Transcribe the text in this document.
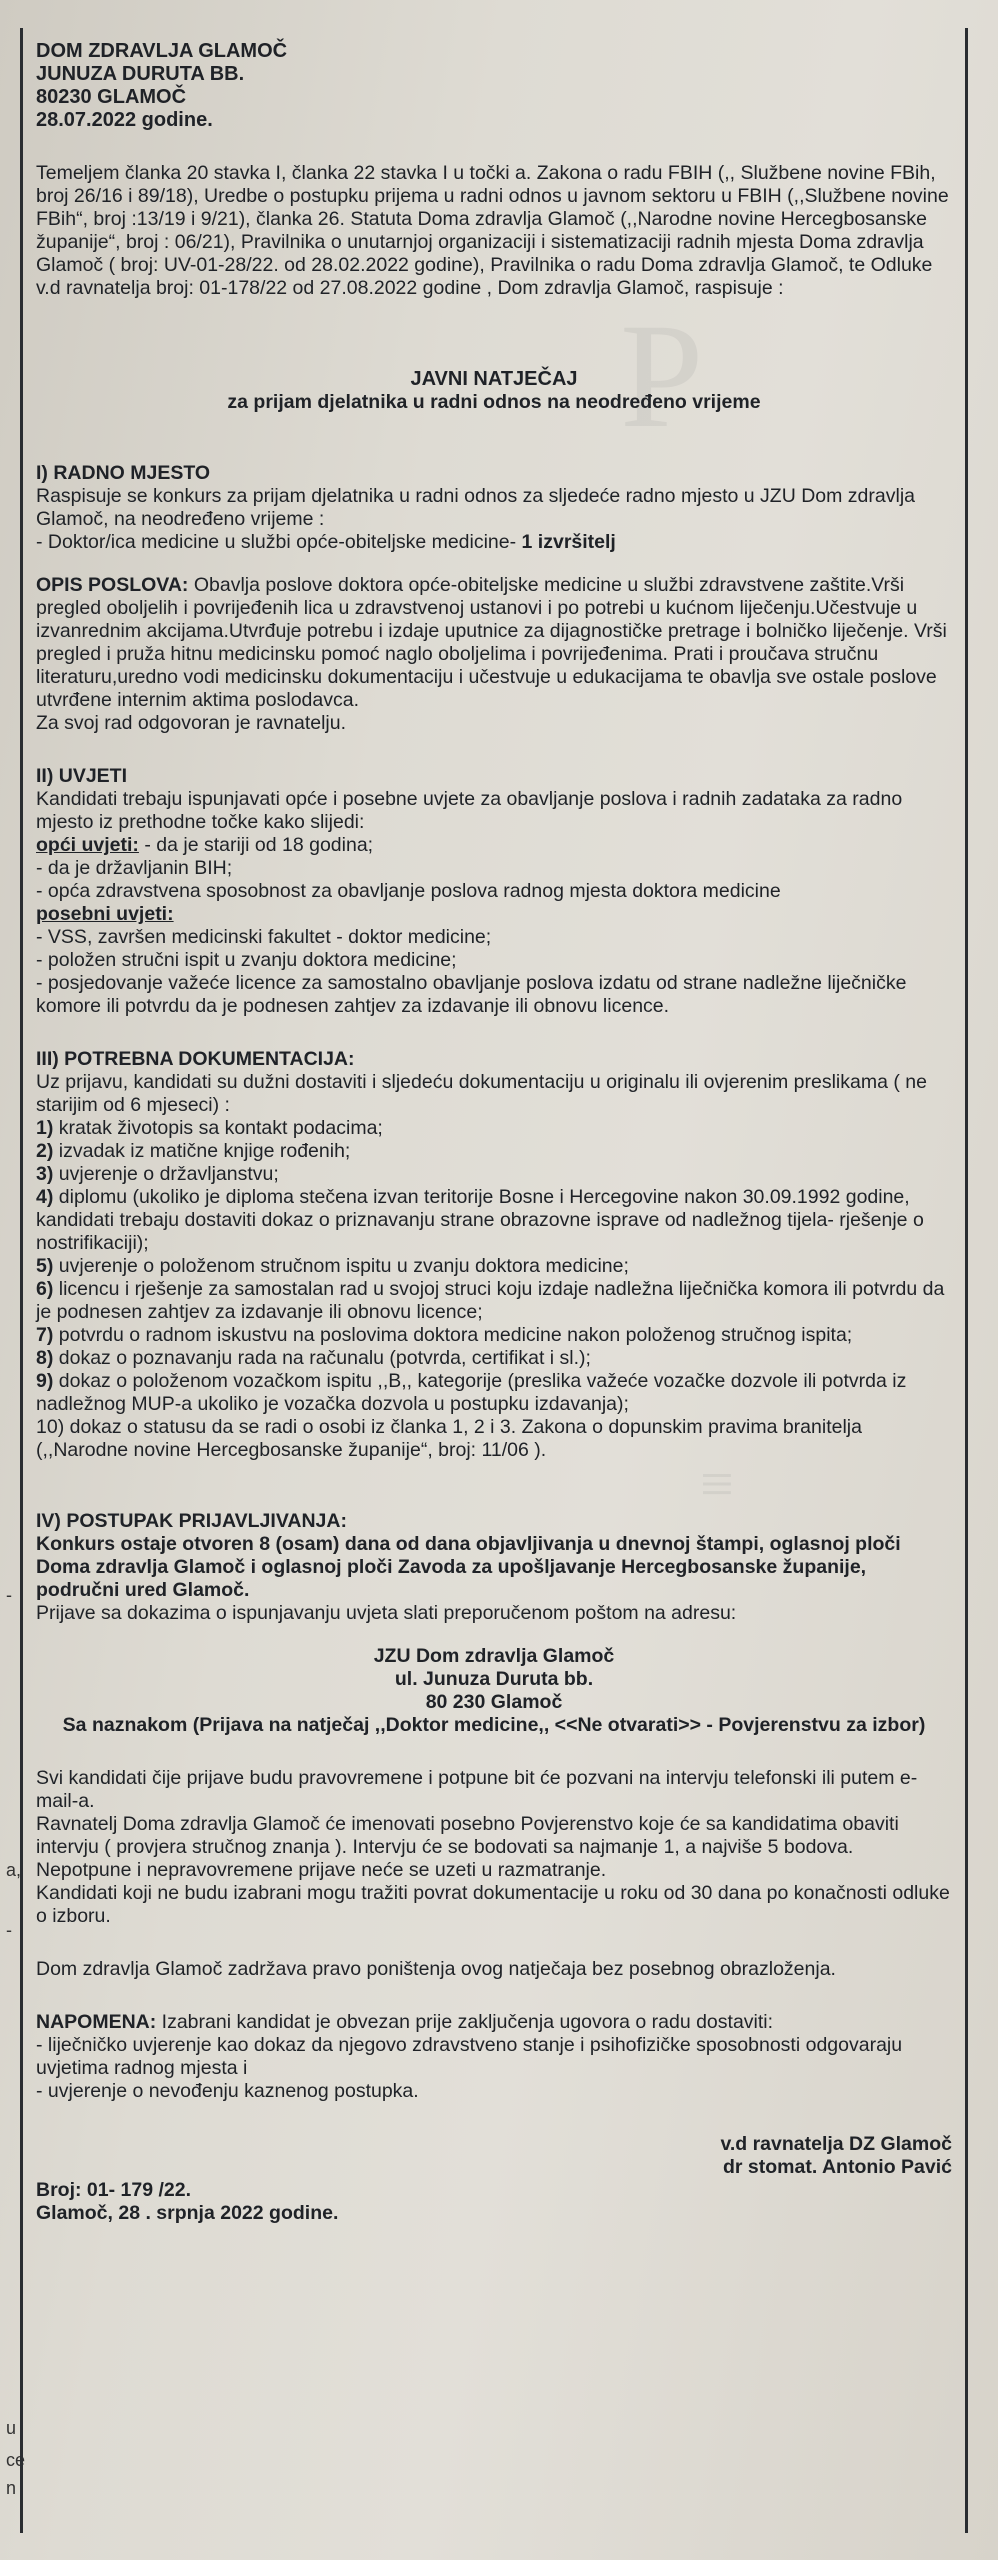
P
≡
-
a,
-
u
ce
n
DOM ZDRAVLJA GLAMOČ
JUNUZA DURUTA BB.
80230 GLAMOČ
28.07.2022 godine.

Temeljem članka 20 stavka I, članka 22 stavka I u točki a. Zakona o radu FBIH (,, Službene novine FBih, broj 26/16 i 89/18), Uredbe o postupku prijema u radni odnos u javnom sektoru u FBIH (,,Službene novine FBih“, broj :13/19 i 9/21), članka 26. Statuta Doma zdravlja Glamoč (,,Narodne novine Hercegbosanske županije“, broj : 06/21), Pravilnika o unutarnjoj organizaciji i sistematizaciji radnih mjesta Doma zdravlja Glamoč ( broj: UV-01-28/22. od 28.02.2022 godine), Pravilnika o radu Doma zdravlja Glamoč, te Odluke v.d ravnatelja broj: 01-178/22 od 27.08.2022 godine , Dom zdravlja Glamoč, raspisuje :

JAVNI NATJEČAJ
za prijam djelatnika u radni odnos na neodređeno vrijeme
I) RADNO MJESTO

Raspisuje se konkurs za prijam djelatnika u radni odnos za sljedeće radno mjesto u JZU Dom zdravlja Glamoč, na neodređeno vrijeme :

- Doktor/ica medicine u službi opće-obiteljske medicine- 1 izvršitelj

OPIS POSLOVA: Obavlja poslove doktora opće-obiteljske medicine u službi zdravstvene zaštite.Vrši pregled oboljelih i povrijeđenih lica u zdravstvenoj ustanovi i po potrebi u kućnom liječenju.Učestvuje u izvanrednim akcijama.Utvrđuje potrebu i izdaje uputnice za dijagnostičke pretrage i bolničko liječenje. Vrši pregled i pruža hitnu medicinsku pomoć naglo oboljelima i povrijeđenima. Prati i proučava stručnu literaturu,uredno vodi medicinsku dokumentaciju i učestvuje u edukacijama te obavlja sve ostale poslove utvrđene internim aktima poslodavca.

Za svoj rad odgovoran je ravnatelju.

II) UVJETI

Kandidati trebaju ispunjavati opće i posebne uvjete za obavljanje poslova i radnih zadataka za radno mjesto iz prethodne točke kako slijedi:

opći uvjeti: - da je stariji od 18 godina;

- da je državljanin BIH;
- opća zdravstvena sposobnost za obavljanje poslova radnog mjesta doktora medicine

posebni uvjeti:

- VSS, završen medicinski fakultet - doktor medicine;
- položen stručni ispit u zvanju doktora medicine;
- posjedovanje važeće licence za samostalno obavljanje poslova izdatu od strane nadležne liječničke komore ili potvrdu da je podnesen zahtjev za izdavanje ili obnovu licence.
III) POTREBNA DOKUMENTACIJA:

Uz prijavu, kandidati su dužni dostaviti i sljedeću dokumentaciju u originalu ili ovjerenim preslikama ( ne starijim od 6 mjeseci) :

1) kratak životopis sa kontakt podacima;
2) izvadak iz matične knjige rođenih;
3) uvjerenje o državljanstvu;
4) diplomu (ukoliko je diploma stečena izvan teritorije Bosne i Hercegovine nakon 30.09.1992 godine, kandidati trebaju dostaviti dokaz o priznavanju strane obrazovne isprave od nadležnog tijela- rješenje o nostrifikaciji);
5) uvjerenje o položenom stručnom ispitu u zvanju doktora medicine;
6) licencu i rješenje za samostalan rad u svojoj struci koju izdaje nadležna liječnička komora ili potvrdu da je podnesen zahtjev za izdavanje ili obnovu licence;
7) potvrdu o radnom iskustvu na poslovima doktora medicine nakon položenog stručnog ispita;
8) dokaz o poznavanju rada na računalu (potvrda, certifikat i sl.);
9) dokaz o položenom vozačkom ispitu ,,B,, kategorije (preslika važeće vozačke dozvole ili potvrda iz nadležnog MUP-a ukoliko je vozačka dozvola u postupku izdavanja);
10) dokaz o statusu da se radi o osobi iz članka 1, 2 i 3. Zakona o dopunskim pravima branitelja (,,Narodne novine Hercegbosanske županije“, broj: 11/06 ).
IV) POSTUPAK PRIJAVLJIVANJA:

Konkurs ostaje otvoren 8 (osam) dana od dana objavljivanja u dnevnoj štampi, oglasnoj ploči Doma zdravlja Glamoč i oglasnoj ploči Zavoda za upošljavanje Hercegbosanske županije, područni ured Glamoč.

Prijave sa dokazima o ispunjavanju uvjeta slati preporučenom poštom na adresu:

JZU Dom zdravlja Glamoč
ul. Junuza Duruta bb.
80 230 Glamoč

Sa naznakom (Prijava na natječaj ,,Doktor medicine,, <<Ne otvarati>> - Povjerenstvu za izbor)

Svi kandidati čije prijave budu pravovremene i potpune bit će pozvani na intervju telefonski ili putem e-mail-a.

Ravnatelj Doma zdravlja Glamoč će imenovati posebno Povjerenstvo koje će sa kandidatima obaviti intervju ( provjera stručnog znanja ). Intervju će se bodovati sa najmanje 1, a najviše 5 bodova.

Nepotpune i nepravovremene prijave neće se uzeti u razmatranje.

Kandidati koji ne budu izabrani mogu tražiti povrat dokumentacije u roku od 30 dana po konačnosti odluke o izboru.

Dom zdravlja Glamoč zadržava pravo poništenja ovog natječaja bez posebnog obrazloženja.

NAPOMENA: Izabrani kandidat je obvezan prije zaključenja ugovora o radu dostaviti:

- liječničko uvjerenje kao dokaz da njegovo zdravstveno stanje i psihofizičke sposobnosti odgovaraju uvjetima radnog mjesta i
- uvjerenje o nevođenju kaznenog postupka.
v.d ravnatelja DZ Glamoč
dr stomat. Antonio Pavić
Broj: 01- 179 /22.
Glamoč, 28 . srpnja 2022 godine.
